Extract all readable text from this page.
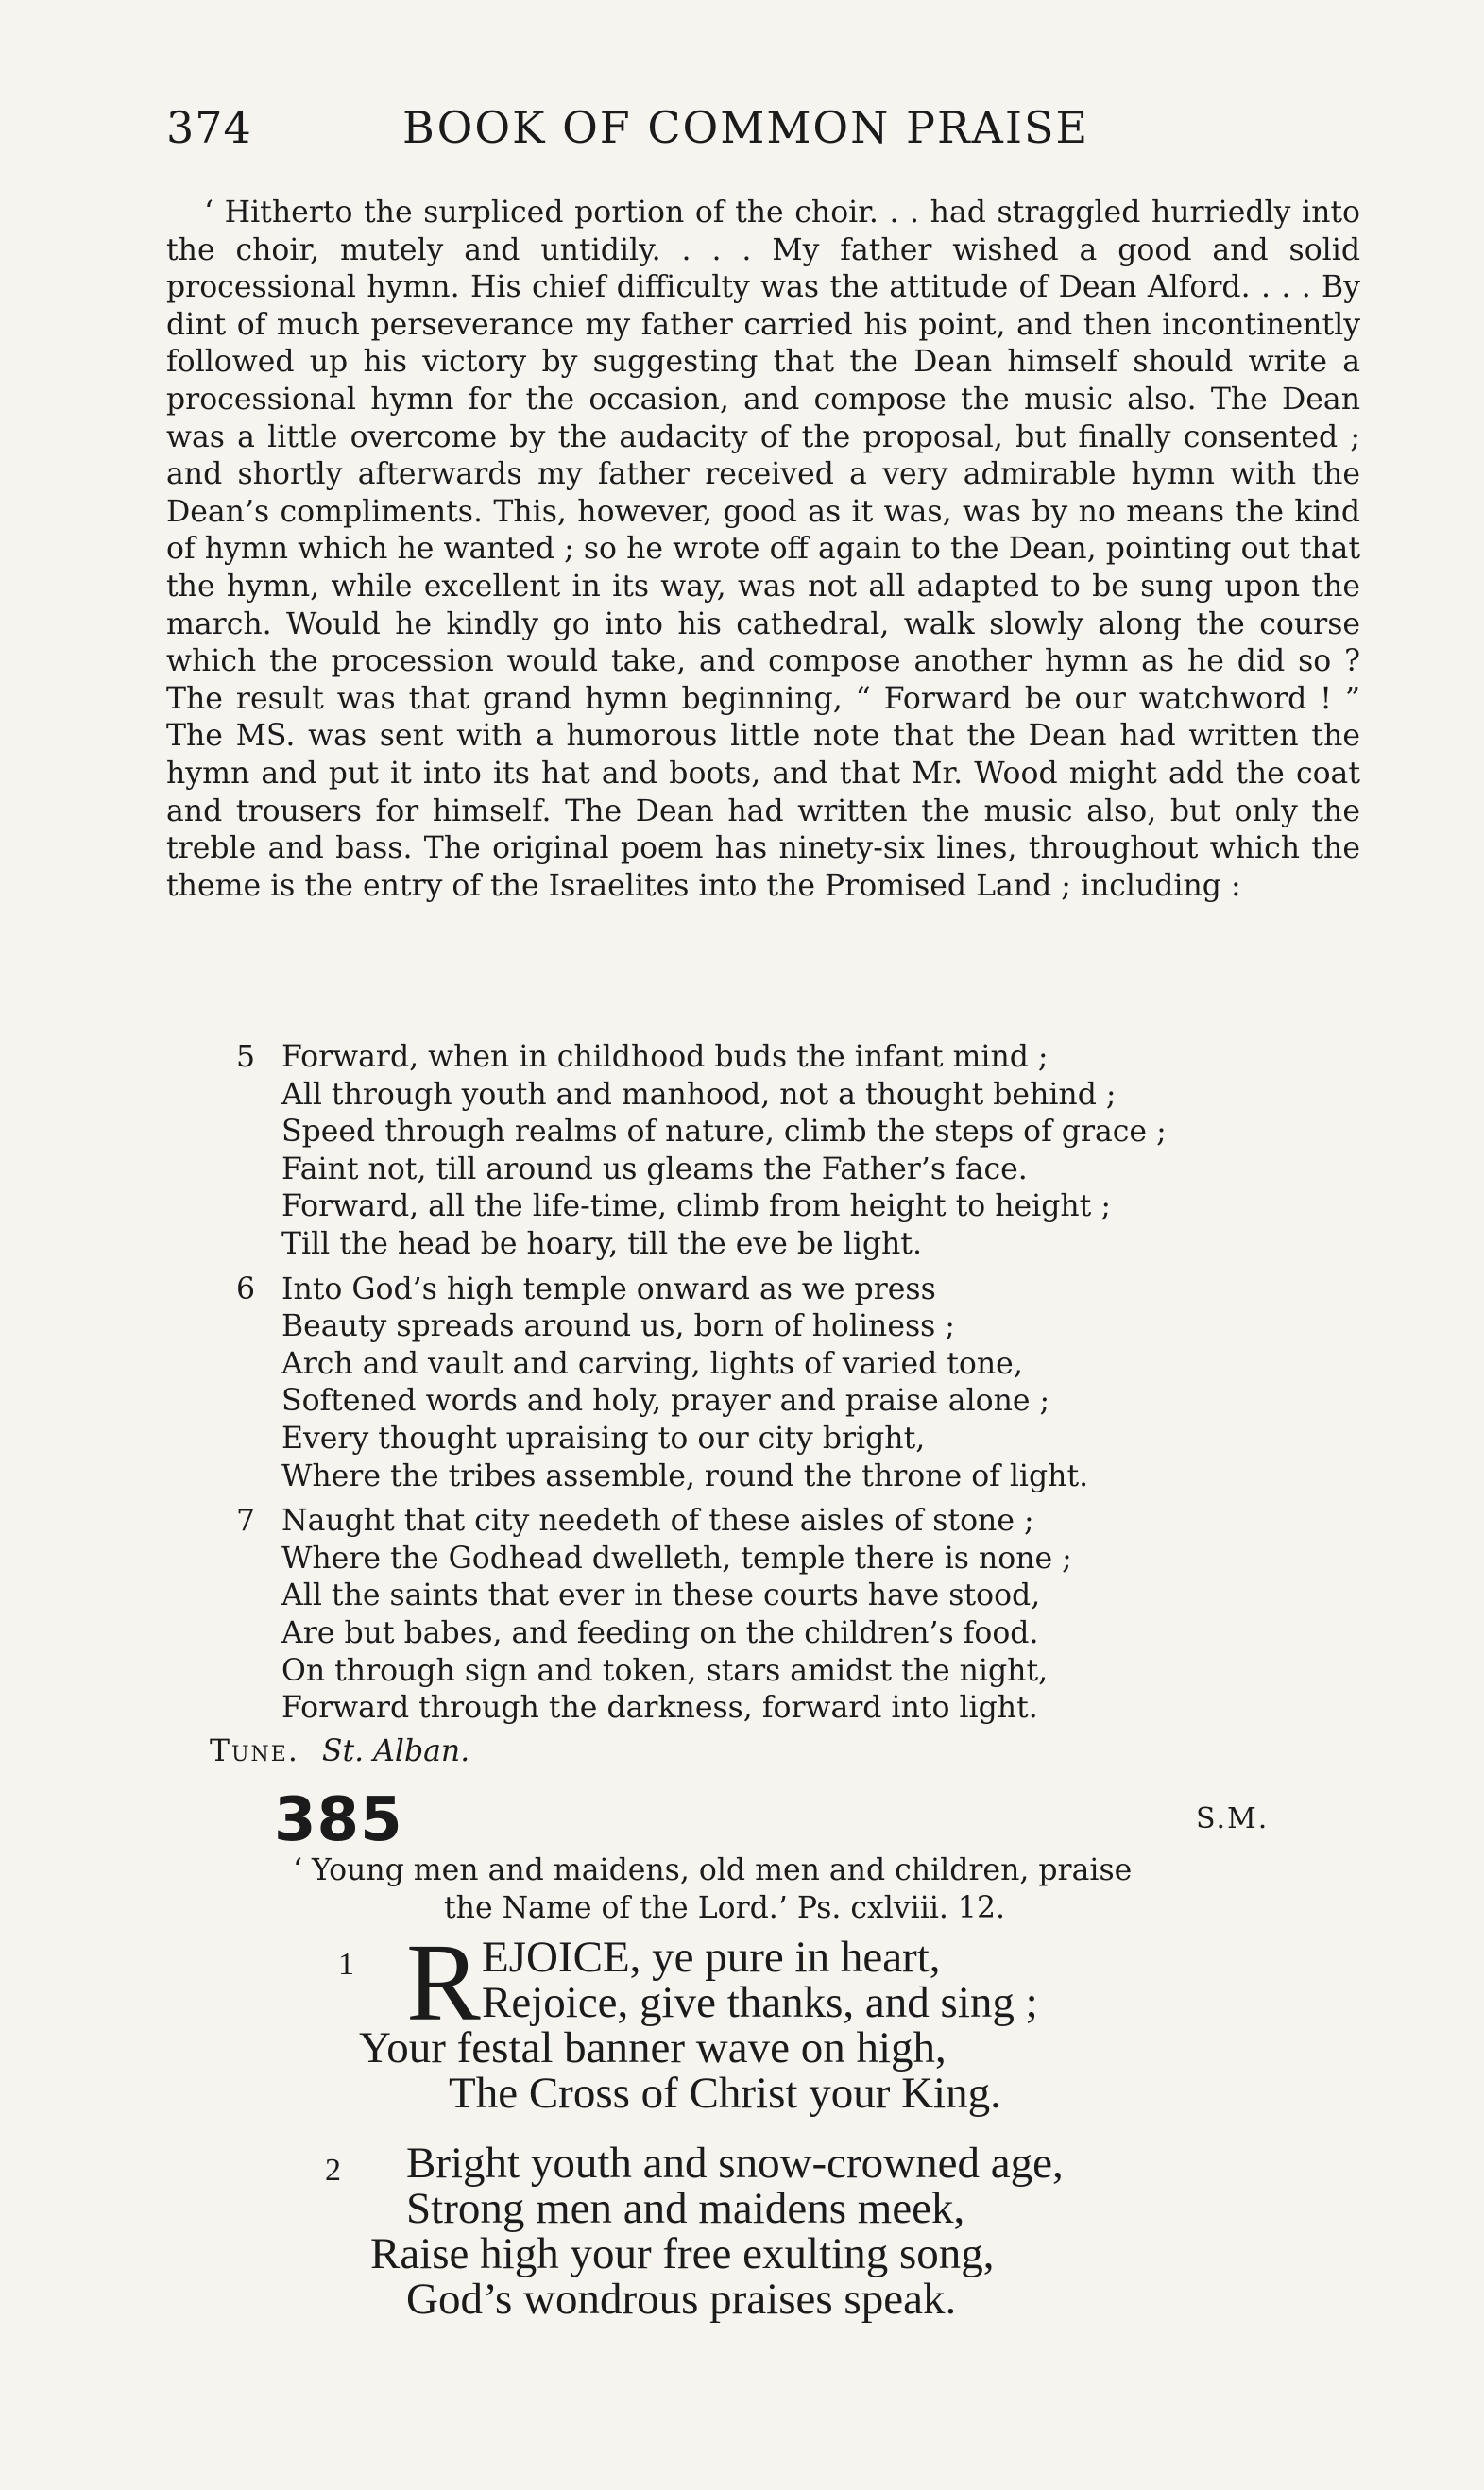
374	BOOK OF COMMON PRAISE

‘ Hitherto the surpliced portion of the choir. . . had straggled hurriedly into the choir, mutely and untidily. . . . My father wished a good and solid processional hymn. His chief difficulty was the attitude of Dean Alford. . . . By dint of much perseverance my father carried his point, and then incontinently followed up his victory by suggesting that the Dean himself should write a processional hymn for the occasion, and compose the music also. The Dean was a little overcome by the audacity of the proposal, but finally consented ; and shortly afterwards my father received a very admirable hymn with the Dean’s compliments. This, however, good as it was, was by no means the kind of hymn which he wanted ; so he wrote off again to the Dean, pointing out that the hymn, while excellent in its way, was not all adapted to be sung upon the march. Would he kindly go into his cathedral, walk slowly along the course which the procession would take, and compose another hymn as he did so ? The result was that grand hymn beginning, “ Forward be our watchword ! ” The MS. was sent with a humorous little note that the Dean had written the hymn and put it into its hat and boots, and that Mr. Wood might add the coat and trousers for himself. The Dean had written the music also, but only the treble and bass. The original poem has ninety-six lines, throughout which the theme is the entry of the Israelites into the Promised Land ; including :

5 Forward, when in childhood buds the infant mind ;
All through youth and manhood, not a thought behind ;
Speed through realms of nature, climb the steps of grace ;
Faint not, till around us gleams the Father’s face.
Forward, all the life-time, climb from height to height ;
Till the head be hoary, till the eve be light.
6 Into God’s high temple onward as we press
Beauty spreads around us, born of holiness ;
Arch and vault and carving, lights of varied tone,
Softened words and holy, prayer and praise alone ;
Every thought upraising to our city bright,
Where the tribes assemble, round the throne of light.
7 Naught that city needeth of these aisles of stone ;
Where the Godhead dwelleth, temple there is none ;
All the saints that ever in these courts have stood,
Are but babes, and feeding on the children’s food.
On through sign and token, stars amidst the night,
Forward through the darkness, forward into light.
Tune. St. Alban.
385	S.M.
‘ Young men and maidens, old men and children, praise
the Name of the Lord.’ Ps. cxlviii. 12.
1 R EJOICE, ye pure in heart,
Rejoice, give thanks, and sing ;
Your festal banner wave on high,
The Cross of Christ your King.
2	Bright youth and snow-crowned age,
Strong men and maidens meek,
Raise high your free exulting song,
God’s wondrous praises speak.
